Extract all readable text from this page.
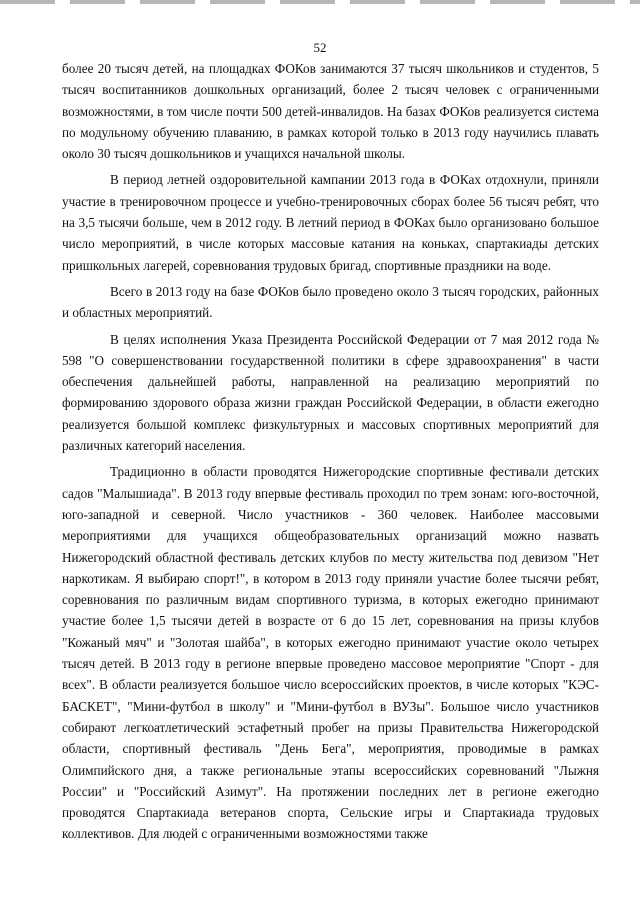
52

более 20 тысяч детей, на площадках ФОКов занимаются 37 тысяч школьников и студентов, 5 тысяч воспитанников дошкольных организаций, более 2 тысяч человек с ограниченными возможностями, в том числе почти 500 детей-инвалидов. На базах ФОКов реализуется система по модульному обучению плаванию, в рамках которой только в 2013 году научились плавать около 30 тысяч дошкольников и учащихся начальной школы.

В период летней оздоровительной кампании 2013 года в ФОКах отдохнули, приняли участие в тренировочном процессе и учебно-тренировочных сборах более 56 тысяч ребят, что на 3,5 тысячи больше, чем в 2012 году. В летний период в ФОКах было организовано большое число мероприятий, в числе которых массовые катания на коньках, спартакиады детских пришкольных лагерей, соревнования трудовых бригад, спортивные праздники на воде.

Всего в 2013 году на базе ФОКов было проведено около 3 тысяч городских, районных и областных мероприятий.

В целях исполнения Указа Президента Российской Федерации от 7 мая 2012 года № 598 "О совершенствовании государственной политики в сфере здравоохранения" в части обеспечения дальнейшей работы, направленной на реализацию мероприятий по формированию здорового образа жизни граждан Российской Федерации, в области ежегодно реализуется большой комплекс физкультурных и массовых спортивных мероприятий для различных категорий населения.

Традиционно в области проводятся Нижегородские спортивные фестивали детских садов "Малышиада". В 2013 году впервые фестиваль проходил по трем зонам: юго-восточной, юго-западной и северной. Число участников - 360 человек. Наиболее массовыми мероприятиями для учащихся общеобразовательных организаций можно назвать Нижегородский областной фестиваль детских клубов по месту жительства под девизом "Нет наркотикам. Я выбираю спорт!", в котором в 2013 году приняли участие более тысячи ребят, соревнования по различным видам спортивного туризма, в которых ежегодно принимают участие более 1,5 тысячи детей в возрасте от 6 до 15 лет, соревнования на призы клубов "Кожаный мяч" и "Золотая шайба", в которых ежегодно принимают участие около четырех тысяч детей. В 2013 году в регионе впервые проведено массовое мероприятие "Спорт - для всех". В области реализуется большое число всероссийских проектов, в числе которых "КЭС-БАСКЕТ", "Мини-футбол в школу" и "Мини-футбол в ВУЗы". Большое число участников собирают легкоатлетический эстафетный пробег на призы Правительства Нижегородской области, спортивный фестиваль "День Бега", мероприятия, проводимые в рамках Олимпийского дня, а также региональные этапы всероссийских соревнований "Лыжня России" и "Российский Азимут". На протяжении последних лет в регионе ежегодно проводятся Спартакиада ветеранов спорта, Сельские игры и Спартакиада трудовых коллективов. Для людей с ограниченными возможностями также
